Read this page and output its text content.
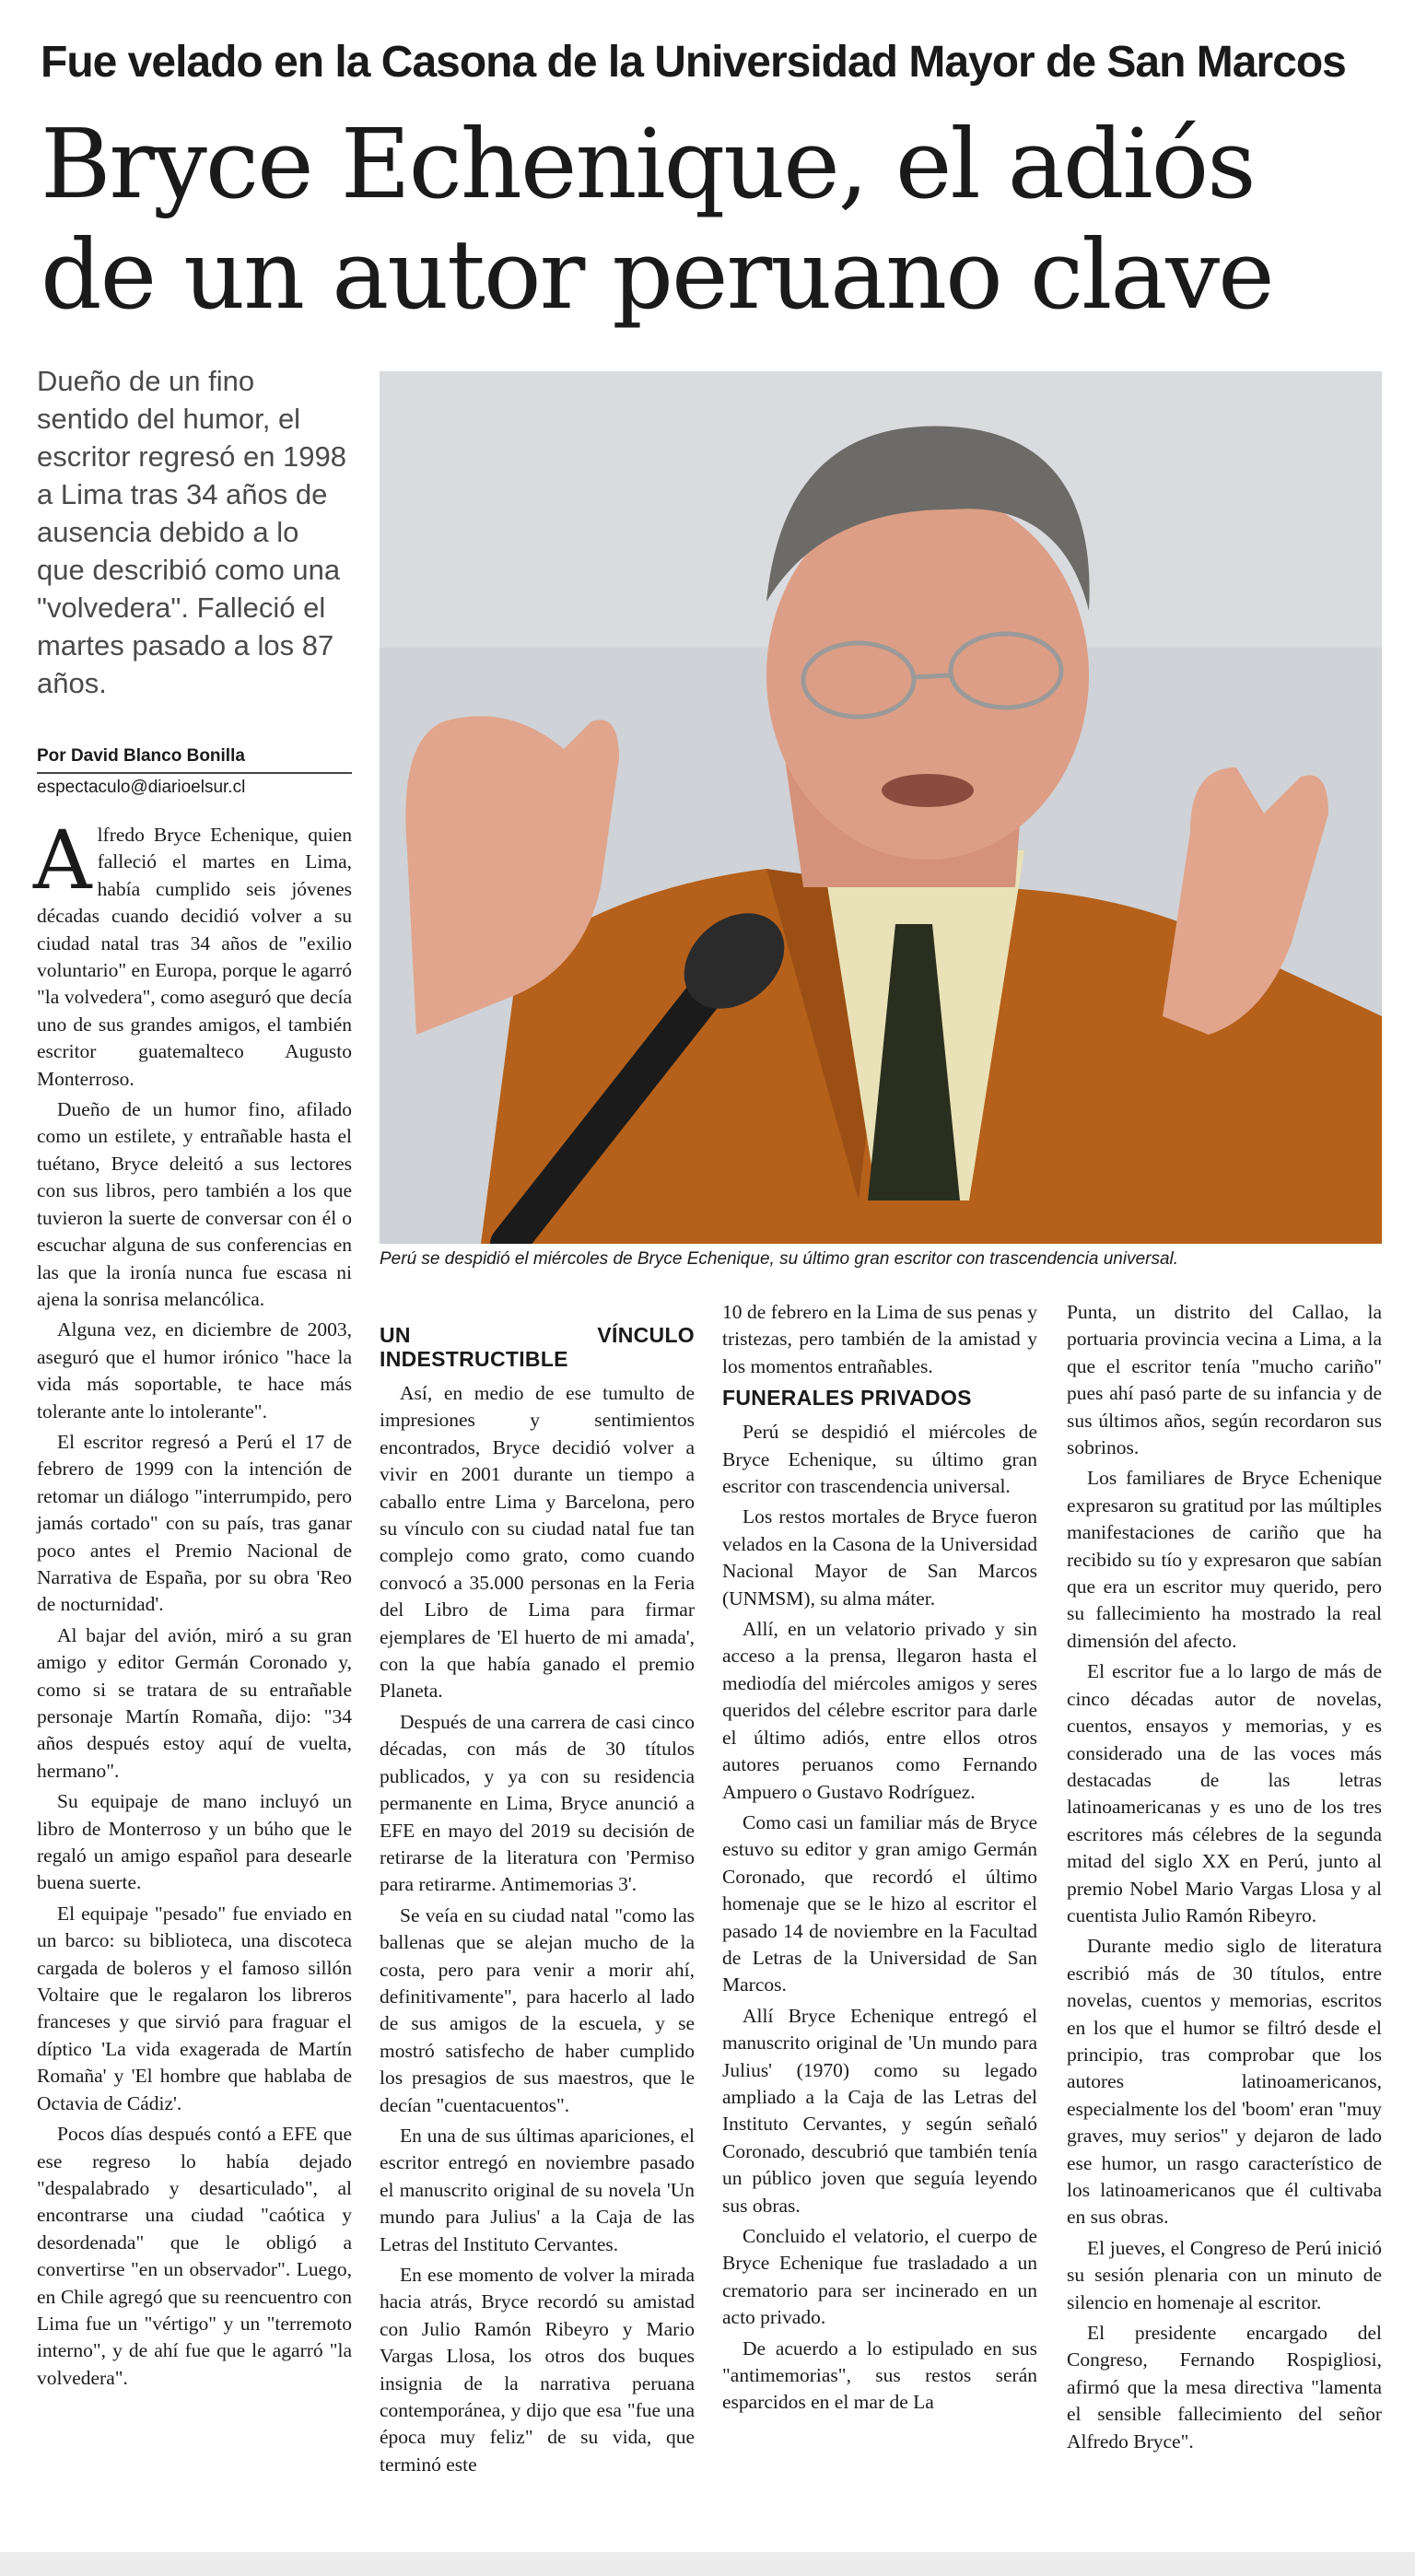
Fue velado en la Casona de la Universidad Mayor de San Marcos
Bryce Echenique, el adiós de un autor peruano clave
Dueño de un fino sentido del humor, el escritor regresó en 1998 a Lima tras 34 años de ausencia debido a lo que describió como una "volvedera". Falleció el martes pasado a los 87 años.
Por David Blanco Bonilla
espectaculo@diarioelsur.cl
Perú se despidió el miércoles de Bryce Echenique, su último gran escritor con trascendencia universal.
A lfredo Bryce Echenique, quien falleció el martes en Lima, había cumplido seis jóvenes décadas cuando decidió volver a su ciudad natal tras 34 años de "exilio voluntario" en Europa, porque le agarró "la volvedera", como aseguró que decía uno de sus grandes amigos, el también escritor guatemalteco Augusto Monterroso.

Dueño de un humor fino, afilado como un estilete, y entrañable hasta el tuétano, Bryce deleitó a sus lectores con sus libros, pero también a los que tuvieron la suerte de conversar con él o escuchar alguna de sus conferencias en las que la ironía nunca fue escasa ni ajena la sonrisa melancólica.

Alguna vez, en diciembre de 2003, aseguró que el humor irónico "hace la vida más soportable, te hace más tolerante ante lo intolerante".

El escritor regresó a Perú el 17 de febrero de 1999 con la intención de retomar un diálogo "interrumpido, pero jamás cortado" con su país, tras ganar poco antes el Premio Nacional de Narrativa de España, por su obra 'Reo de nocturnidad'.

Al bajar del avión, miró a su gran amigo y editor Germán Coronado y, como si se tratara de su entrañable personaje Martín Romaña, dijo: "34 años después estoy aquí de vuelta, hermano".

Su equipaje de mano incluyó un libro de Monterroso y un búho que le regaló un amigo español para desearle buena suerte.

El equipaje "pesado" fue enviado en un barco: su biblioteca, una discoteca cargada de boleros y el famoso sillón Voltaire que le regalaron los libreros franceses y que sirvió para fraguar el díptico 'La vida exagerada de Martín Romaña' y 'El hombre que hablaba de Octavia de Cádiz'.

Pocos días después contó a EFE que ese regreso lo había dejado "despalabrado y desarticulado", al encontrarse una ciudad "caótica y desordenada" que le obligó a convertirse "en un observador". Luego, en Chile agregó que su reencuentro con Lima fue un "vértigo" y un "terremoto interno", y de ahí fue que le agarró "la volvedera".

UN VÍNCULO INDESTRUCTIBLE

Así, en medio de ese tumulto de impresiones y sentimientos encontrados, Bryce decidió volver a vivir en 2001 durante un tiempo a caballo entre Lima y Barcelona, pero su vínculo con su ciudad natal fue tan complejo como grato, como cuando convocó a 35.000 personas en la Feria del Libro de Lima para firmar ejemplares de 'El huerto de mi amada', con la que había ganado el premio Planeta.

Después de una carrera de casi cinco décadas, con más de 30 títulos publicados, y ya con su residencia permanente en Lima, Bryce anunció a EFE en mayo del 2019 su decisión de retirarse de la literatura con 'Permiso para retirarme. Antimemorias 3'.

Se veía en su ciudad natal "como las ballenas que se alejan mucho de la costa, pero para venir a morir ahí, definitivamente", para hacerlo al lado de sus amigos de la escuela, y se mostró satisfecho de haber cumplido los presagios de sus maestros, que le decían "cuentacuentos".

En una de sus últimas apariciones, el escritor entregó en noviembre pasado el manuscrito original de su novela 'Un mundo para Julius' a la Caja de las Letras del Instituto Cervantes.

En ese momento de volver la mirada hacia atrás, Bryce recordó su amistad con Julio Ramón Ribeyro y Mario Vargas Llosa, los otros dos buques insignia de la narrativa peruana contemporánea, y dijo que esa "fue una época muy feliz" de su vida, que terminó este

10 de febrero en la Lima de sus penas y tristezas, pero también de la amistad y los momentos entrañables.

FUNERALES PRIVADOS

Perú se despidió el miércoles de Bryce Echenique, su último gran escritor con trascendencia universal.

Los restos mortales de Bryce fueron velados en la Casona de la Universidad Nacional Mayor de San Marcos (UNMSM), su alma máter.

Allí, en un velatorio privado y sin acceso a la prensa, llegaron hasta el mediodía del miércoles amigos y seres queridos del célebre escritor para darle el último adiós, entre ellos otros autores peruanos como Fernando Ampuero o Gustavo Rodríguez.

Como casi un familiar más de Bryce estuvo su editor y gran amigo Germán Coronado, que recordó el último homenaje que se le hizo al escritor el pasado 14 de noviembre en la Facultad de Letras de la Universidad de San Marcos.

Allí Bryce Echenique entregó el manuscrito original de 'Un mundo para Julius' (1970) como su legado ampliado a la Caja de las Letras del Instituto Cervantes, y según señaló Coronado, descubrió que también tenía un público joven que seguía leyendo sus obras.

Concluido el velatorio, el cuerpo de Bryce Echenique fue trasladado a un crematorio para ser incinerado en un acto privado.

De acuerdo a lo estipulado en sus "antimemorias", sus restos serán esparcidos en el mar de La

Punta, un distrito del Callao, la portuaria provincia vecina a Lima, a la que el escritor tenía "mucho cariño" pues ahí pasó parte de su infancia y de sus últimos años, según recordaron sus sobrinos.

Los familiares de Bryce Echenique expresaron su gratitud por las múltiples manifestaciones de cariño que ha recibido su tío y expresaron que sabían que era un escritor muy querido, pero su fallecimiento ha mostrado la real dimensión del afecto.

El escritor fue a lo largo de más de cinco décadas autor de novelas, cuentos, ensayos y memorias, y es considerado una de las voces más destacadas de las letras latinoamericanas y es uno de los tres escritores más célebres de la segunda mitad del siglo XX en Perú, junto al premio Nobel Mario Vargas Llosa y al cuentista Julio Ramón Ribeyro.

Durante medio siglo de literatura escribió más de 30 títulos, entre novelas, cuentos y memorias, escritos en los que el humor se filtró desde el principio, tras comprobar que los autores latinoamericanos, especialmente los del 'boom' eran "muy graves, muy serios" y dejaron de lado ese humor, un rasgo característico de los latinoamericanos que él cultivaba en sus obras.

El jueves, el Congreso de Perú inició su sesión plenaria con un minuto de silencio en homenaje al escritor.

El presidente encargado del Congreso, Fernando Rospigliosi, afirmó que la mesa directiva "lamenta el sensible fallecimiento del señor Alfredo Bryce".
